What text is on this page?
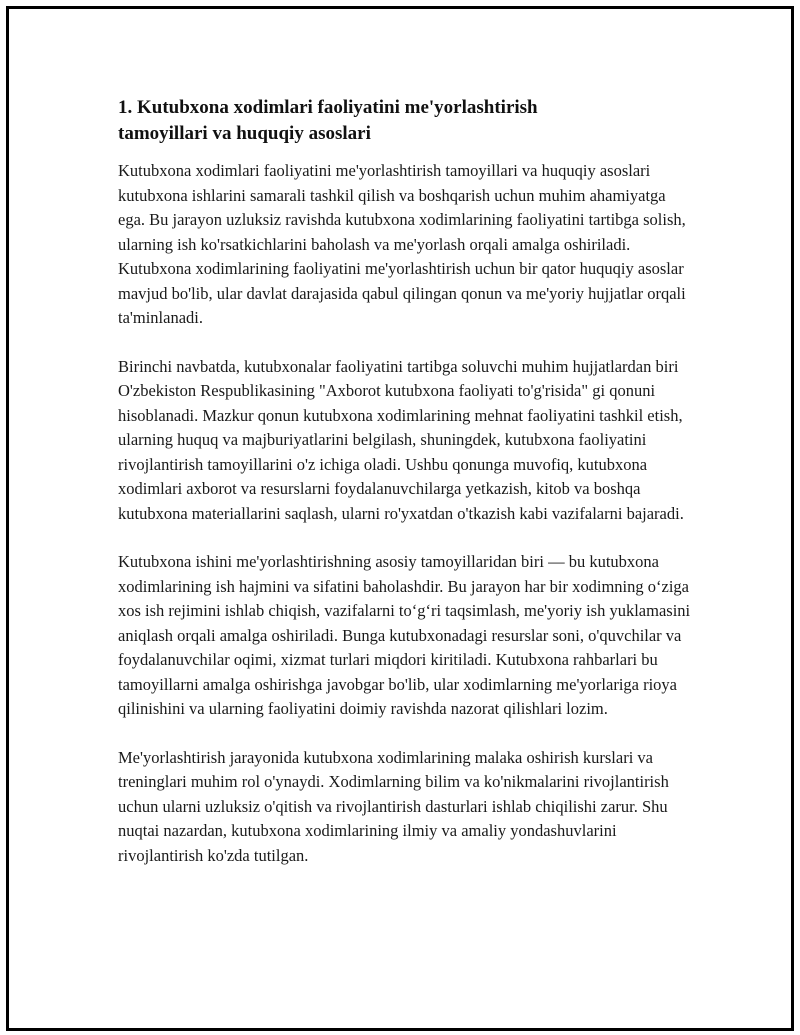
1. Kutubxona xodimlari faoliyatini me'yorlashtirish
tamoyillari va huquqiy asoslari

Kutubxona xodimlari faoliyatini me'yorlashtirish tamoyillari va huquqiy asoslari kutubxona ishlarini samarali tashkil qilish va boshqarish uchun muhim ahamiyatga ega. Bu jarayon uzluksiz ravishda kutubxona xodimlarining faoliyatini tartibga solish, ularning ish ko'rsatkichlarini baholash va me'yorlash orqali amalga oshiriladi. Kutubxona xodimlarining faoliyatini me'yorlashtirish uchun bir qator huquqiy asoslar mavjud bo'lib, ular davlat darajasida qabul qilingan qonun va me'yoriy hujjatlar orqali ta'minlanadi.

Birinchi navbatda, kutubxonalar faoliyatini tartibga soluvchi muhim hujjatlardan biri O'zbekiston Respublikasining "Axborot kutubxona faoliyati to'g'risida" gi qonuni hisoblanadi. Mazkur qonun kutubxona xodimlarining mehnat faoliyatini tashkil etish, ularning huquq va majburiyatlarini belgilash, shuningdek, kutubxona faoliyatini rivojlantirish tamoyillarini o'z ichiga oladi. Ushbu qonunga muvofiq, kutubxona xodimlari axborot va resurslarni foydalanuvchilarga yetkazish, kitob va boshqa kutubxona materiallarini saqlash, ularni ro'yxatdan o'tkazish kabi vazifalarni bajaradi.

Kutubxona ishini me'yorlashtirishning asosiy tamoyillaridan biri — bu kutubxona xodimlarining ish hajmini va sifatini baholashdir. Bu jarayon har bir xodimning o‘ziga xos ish rejimini ishlab chiqish, vazifalarni to‘g‘ri taqsimlash, me'yoriy ish yuklamasini aniqlash orqali amalga oshiriladi. Bunga kutubxonadagi resurslar soni, o'quvchilar va foydalanuvchilar oqimi, xizmat turlari miqdori kiritiladi. Kutubxona rahbarlari bu tamoyillarni amalga oshirishga javobgar bo'lib, ular xodimlarning me'yorlariga rioya qilinishini va ularning faoliyatini doimiy ravishda nazorat qilishlari lozim.

Me'yorlashtirish jarayonida kutubxona xodimlarining malaka oshirish kurslari va treninglari muhim rol o'ynaydi. Xodimlarning bilim va ko'nikmalarini rivojlantirish uchun ularni uzluksiz o'qitish va rivojlantirish dasturlari ishlab chiqilishi zarur. Shu nuqtai nazardan, kutubxona xodimlarining ilmiy va amaliy yondashuvlarini rivojlantirish ko'zda tutilgan.
